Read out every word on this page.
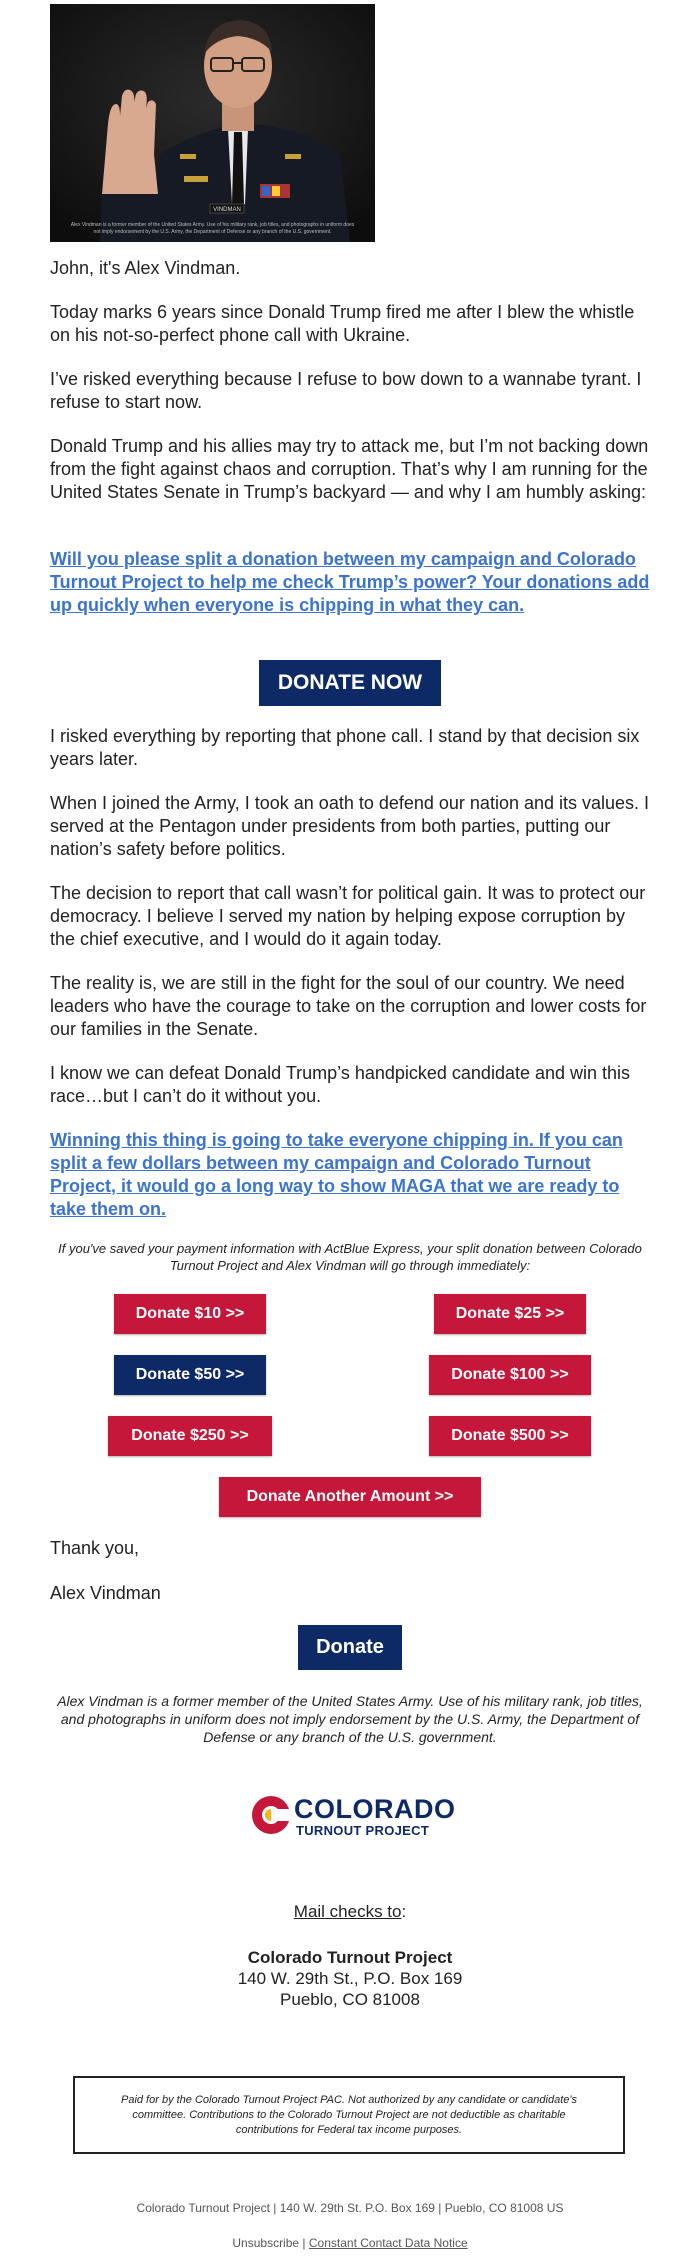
VINDMAN
Alex Vindman is a former member of the United States Army. Use of his military rank, job titles, and photographs in uniform does not imply endorsement by the U.S. Army, the Department of Defense or any branch of the U.S. government.

John, it's Alex Vindman.

Today marks 6 years since Donald Trump fired me after I blew the whistle on his not-so-perfect phone call with Ukraine.

I’ve risked everything because I refuse to bow down to a wannabe tyrant. I refuse to start now.

Donald Trump and his allies may try to attack me, but I’m not backing down from the fight against chaos and corruption. That’s why I am running for the United States Senate in Trump’s backyard — and why I am humbly asking:

Will you please split a donation between my campaign and Colorado Turnout Project to help me check Trump’s power? Your donations add up quickly when everyone is chipping in what they can.

DONATE NOW

I risked everything by reporting that phone call. I stand by that decision six years later.

When I joined the Army, I took an oath to defend our nation and its values. I served at the Pentagon under presidents from both parties, putting our nation’s safety before politics.

The decision to report that call wasn’t for political gain. It was to protect our democracy. I believe I served my nation by helping expose corruption by the chief executive, and I would do it again today.

The reality is, we are still in the fight for the soul of our country. We need leaders who have the courage to take on the corruption and lower costs for our families in the Senate.

I know we can defeat Donald Trump’s handpicked candidate and win this race…but I can’t do it without you.

Winning this thing is going to take everyone chipping in. If you can split a few dollars between my campaign and Colorado Turnout Project, it would go a long way to show MAGA that we are ready to take them on.

If you've saved your payment information with ActBlue Express, your split donation between Colorado Turnout Project and Alex Vindman will go through immediately:
Donate $10 >>	Donate $25 >>
Donate $50 >>	Donate $100 >>
Donate $250 >>	Donate $500 >>
Donate Another Amount >>

Thank you,

Alex Vindman

Donate
Alex Vindman is a former member of the United States Army. Use of his military rank, job titles, and photographs in uniform does not imply endorsement by the U.S. Army, the Department of Defense or any branch of the U.S. government.
COLORADO
TURNOUT PROJECT
Mail checks to:
Colorado Turnout Project
140 W. 29th St., P.O. Box 169
Pueblo, CO 81008
Paid for by the Colorado Turnout Project PAC. Not authorized by any candidate or candidate's committee. Contributions to the Colorado Turnout Project are not deductible as charitable contributions for Federal tax income purposes.
Colorado Turnout Project | 140 W. 29th St. P.O. Box 169 | Pueblo, CO 81008 US
Unsubscribe | Constant Contact Data Notice
